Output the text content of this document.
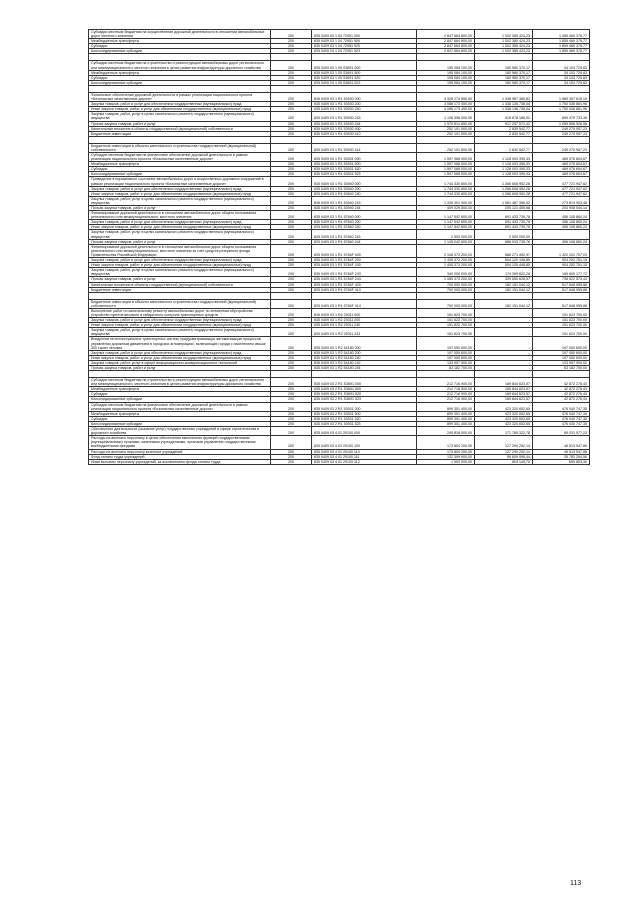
Субсидии местным бюджетам на осуществление дорожной деятельности в отношении автомобильных дорог местного значения	200	835 0409 03 1 04 72951 000	2 847 664 800,00	1 002 385 424,23	1 455 469 375,77
Межбюджетные трансферты	200	835 0409 03 1 04 72951 500	2 847 664 800,00	1 002 385 424,23	1 855 469 375,77
Субсидии	200	835 0409 03 1 04 72951 520	2 847 664 800,00	1 002 385 424,23	1 855 469 375,77
Консолидированные субсидии	200	835 0409 03 1 04 72951 523	2 847 664 800,00	1 002 385 424,23	1 855 469 375,77

Субсидии местным бюджетам на строительство и реконструкцию автомобильных дорог регионального или межмуниципального, местного значения в целях развития инфраструктуры дорожного хозяйства	200	835 0409 03 1 05 S3691 000	195 084 100,00	160 980 370,17	34 103 729,83
Межбюджетные трансферты	200	835 0409 03 1 05 S3691 500	195 084 100,00	160 980 370,17	34 103 729,83
Субсидии	200	835 0409 03 1 05 S3691 520	195 084 100,00	160 980 370,17	34 103 729,83
Консолидированные субсидии	200	835 0409 03 1 05 S3691 523	195 084 100,00	160 980 370,17	34 103 729,83

Финансовое обеспечение дорожной деятельности в рамках реализации национального проекта «Безопасные качественные дороги»	200	835 0409 03 1 R1 53930 000	3 328 274 950,00	1 338 987 380,81	1 989 307 615,19
Закупка товаров, работ и услуг для обеспечения государственных (муниципальных) нужд	200	835 0409 03 1 R1 53930 200	3 088 173 450,00	1 338 136 738,04	1 750 036 861,96
Иные закупки товаров, работ и услуг для обеспечения государственных (муниципальных) нужд	200	835 0409 03 1 R1 53930 240	3 088 173 450,00	1 338 136 738,04	1 750 036 861,96
Закупка товаров, работ, услуг в целях капитального ремонта государственного (муниципального) имущества	200	835 0409 03 1 R1 53930 243	1 108 358 000,00	418 878 185,92	690 479 733,38
Прочая закупка товаров, работ и услуг	200	835 0409 03 1 R1 53930 244	1 979 814 850,00	917 257 571,42	1 059 556 928,58
Капитальные вложения в объекты государственной (муниципальной) собственности	200	835 0409 03 1 R1 53930 400	252 101 500,00	2 830 542,77	249 270 957,23
Бюджетные инвестиции	200	835 0409 03 1 R1 53930 410	252 101 500,00	2 830 542,77	249 270 957,23

Бюджетные инвестиции в объекты капитального строительства государственной (муниципальной) собственности	200	835 0409 03 1 R1 53930 414	252 101 500,00	2 830 542,77	249 270 957,23
Субсидии местным бюджетам на финансовое обеспечение дорожной деятельности в рамках реализации национального проекта «Безопасные качественные дороги»	200	835 0409 03 1 R1 53931 000	1 597 068 000,00	1 128 003 395,33	469 076 604,67
Межбюджетные трансферты	200	835 0409 03 1 R1 53931 500	1 597 068 000,00	1 128 003 395,33	469 076 604,67
Субсидии	200	835 0409 03 1 R1 53931 520	1 597 068 000,00	1 128 003 395,33	469 076 604,67
Консолидированные субсидии	200	835 0409 03 1 R1 53931 523	1 597 068 000,00	1 128 003 395,33	469 076 604,67
Приведение в нормативное состояние автомобильных дорог и искусственных дорожных сооружений в рамках реализации национального проекта «Безопасные качественные дороги»	200	835 0409 03 1 R1 53940 000	1 744 330 800,00	1 266 608 952,28	477 721 947,62
Закупка товаров, работ и услуг для обеспечения государственных (муниципальных) нужд	200	835 0409 03 1 R1 53940 200	1 744 330 800,00	1 266 608 952,28	477 721 947,62
Иные закупки товаров, работ и услуг для обеспечения государственных (муниципальных) нужд	200	835 0409 03 1 R1 53940 240	1 744 330 800,00	1 266 608 952,28	477 721 947,62
Закупка товаров, работ, услуг в целях капитального ремонта государственного (муниципального) имущества	200	835 0409 03 1 R1 53940 243	1 335 301 300,00	1 061 487 396,52	273 813 903,48
Прочая закупка товаров, работ и услуг	200	835 0409 03 1 R1 53940 244	409 029 500,00	205 121 455,66	203 908 044,14
Финансирование дорожной деятельности в отношении автомобильных дорог общего пользования регионального или межмуниципального, местного значения	200	835 0409 03 1 R1 57840 000	1 147 542 600,00	691 433 735,76	456 108 860,24
Закупка товаров, работ и услуг для обеспечения государственных (муниципальных) нужд	200	835 0409 03 1 R1 57840 200	1 147 542 600,00	691 433 735,76	456 108 860,24
Иные закупки товаров, работ и услуг для обеспечения государственных (муниципальных) нужд	200	835 0409 03 1 R1 57840 240	1 147 542 600,00	691 433 735,76	456 108 860,24
Закупка товаров, работ, услуг в целях капитального ремонта государственного (муниципального) имущества	200	835 0409 03 1 R1 57840 243	2 500 000,00	2 500 000,00	-
Прочая закупка товаров, работ и услуг	200	835 0409 03 1 R1 57840 244	1 145 042 600,00	688 933 735,76	456 108 860,24
Финансирование дорожной деятельности в отношении автомобильных дорог общего пользования регионального или межмуниципального, местного значения за счет средств резервного фонда Правительства Российской Федерации	200	835 0409 03 1 R1 5784F 000	2 108 373 200,00	686 271 492,97	1 422 101 707,03
Закупка товаров, работ и услуг для обеспечения государственных (муниципальных) нужд	200	835 0409 03 1 R1 5784F 200	1 405 373 200,00	504 120 448,85	904 252 751,15
Иные закупки товаров, работ и услуг для обеспечения государственных (муниципальных) нужд	200	835 0409 03 1 R1 5784F 240	1 405 373 200,00	504 120 448,85	904 252 751,15
Закупка товаров, работ, услуг в целях капитального ремонта государственного (муниципального) имущества	200	835 0409 03 1 R1 5784F 243	340 000 000,00	174 399 822,28	165 600 177,72
Прочая закупка товаров, работ и услуг	200	835 0409 03 1 R1 5784F 244	1 065 373 200,00	329 550 626,57	738 522 573,43
Капитальные вложения в объекты государственной (муниципальной) собственности	200	835 0409 03 1 R1 5784F 400	700 000 000,00	182 151 044,12	517 848 955,88
Бюджетные инвестиции	200	835 0409 03 1 R1 5784F 410	700 000 000,00	182 151 044,12	517 848 955,88

Бюджетные инвестиции в объекты капитального строительства государственной (муниципальной) собственности	200	835 0409 03 1 R1 5784F 414	700 000 000,00	182 151 044,12	517 848 955,88
Выполнение работ по капитальному ремонту автомобильных дорог по элементам обустройства: устройство пунктов весового и габаритного контроля транспортных средств	200	835 0409 03 1 R2 29311 000	151 623 700,00	-	151 623 700,00
Закупка товаров, работ и услуг для обеспечения государственных (муниципальных) нужд	200	835 0409 03 1 R2 29311 200	151 623 700,00	-	151 623 700,00
Иные закупки товаров, работ и услуг для обеспечения государственных (муниципальных) нужд	200	835 0409 03 1 R2 29311 240	151 623 700,00	-	151 623 700,00
Закупка товаров, работ, услуг в целях капитального ремонта государственного (муниципального) имущества	200	835 0409 03 1 R2 29311 243	151 623 700,00	-	151 623 700,00
Внедрение интеллектуальных транспортных систем, предусматривающих автоматизацию процессов управления дорожным движением в городских агломерациях, включающих города с населением свыше 300 тысяч человек	200	835 0409 03 1 R2 54180 000	197 050 600,00	-	197 050 600,00
Закупка товаров, работ и услуг для обеспечения государственных (муниципальных) нужд	200	835 0409 03 1 R2 54180 200	197 050 600,00	-	197 050 600,00
Иные закупки товаров, работ и услуг для обеспечения государственных (муниципальных) нужд	200	835 0409 03 1 R2 54180 240	197 050 600,00	-	197 050 600,00
Закупка товаров, работ, услуг в сфере информационно-коммуникационных технологий	200	835 0409 03 1 R2 54180 242	133 957 900,00	-	133 957 900,00
Прочая закупка товаров, работ и услуг	200	835 0409 03 1 R2 54180 244	63 182 700,00	-	63 182 700,00

Субсидии местным бюджетам на строительство и реконструкцию автомобильных дорог регионального или межмуниципального, местного значения в целях развития инфраструктуры дорожного хозяйства	200	835 0409 03 2 R1 S3691 000	212 716 900,00	169 844 623,57	42 872 276,43
Межбюджетные трансферты	200	835 0409 03 2 R1 S3691 500	212 716 900,00	169 844 623,57	42 872 276,43
Субсидии	200	835 0409 03 2 R1 S3691 520	212 716 900,00	169 844 623,57	42 872 276,43
Консолидированные субсидии	200	835 0409 03 2 R1 S3691 523	212 716 900,00	169 844 623,57	42 872 276,43
Субсидии местным бюджетам на финансовое обеспечение дорожной деятельности в рамках реализации национального проекта «Безопасные качественные дороги»	200	835 0409 03 2 R1 53931 000	899 351 400,00	423 320 652,65	476 040 747,35
Межбюджетные трансферты	200	835 0409 03 2 R1 53931 500	899 351 400,00	423 320 652,65	476 040 747,35
Субсидии	200	835 0409 03 2 R1 53931 520	899 351 400,00	423 320 652,65	476 040 747,35
Консолидированные субсидии	200	835 0409 03 2 R1 53931 523	899 351 400,00	423 320 652,65	476 040 747,35
Обеспечение деятельности (оказание услуг) государственных учреждений в сфере строительства и дорожного хозяйства	200	835 0409 03 4 01 29100 000	240 816 000,00	171 785 322,78	69 031 577,22
Расходы на выплаты персоналу в целях обеспечения выполнения функций государственными (муниципальными) органами, казенными учреждениями, органами управления государственными внебюджетными фондами	200	835 0409 03 4 01 29100 100	173 804 200,00	127 290 252,14	46 513 947,86
Расходы на выплаты персоналу казенных учреждений	200	835 0409 03 4 01 29100 110	173 804 200,00	127 290 252,14	46 513 947,86
Фонд оплаты труда учреждений	200	835 0409 03 4 01 29100 111	132 399 900,00	96 609 596,44	35 783 294,56
Иные выплаты персоналу учреждений, за исключением фонда оплаты труда	200	835 0409 03 4 01 29100 112	1 500 000,00	804 145,70	695 853,30
113
